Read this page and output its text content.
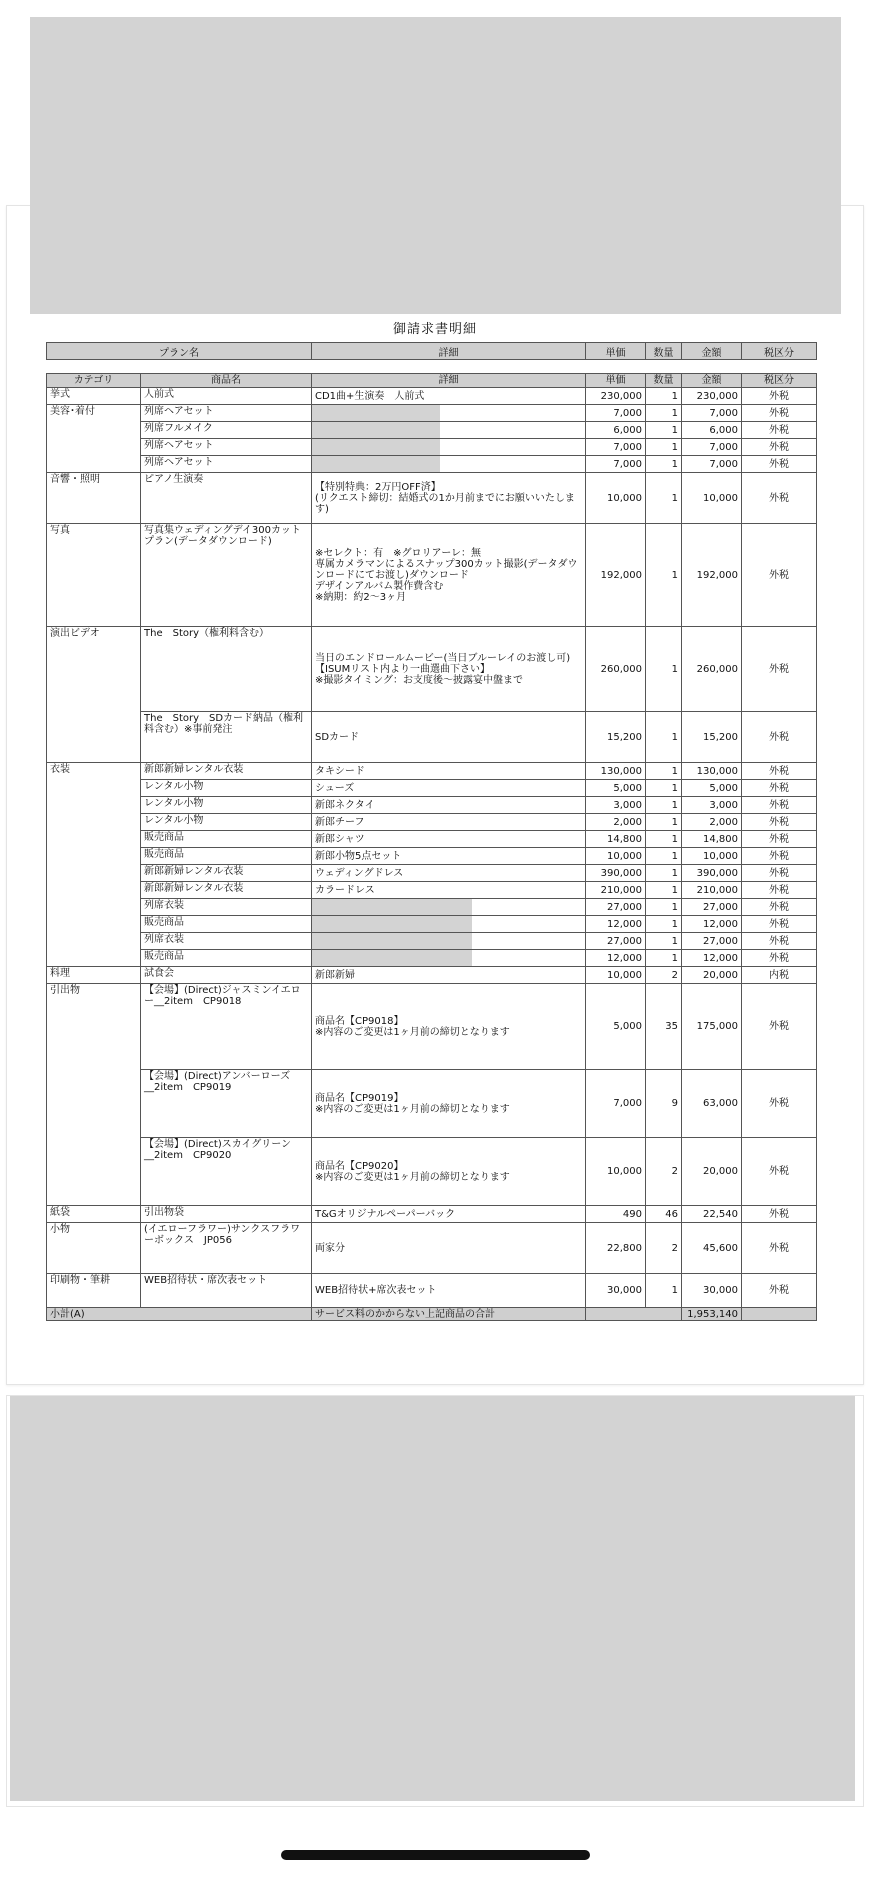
御請求書明細
プラン名	詳細	単価	数量	金額	税区分
カテゴリ	商品名	詳細	単価	数量	金額	税区分
挙式	人前式	CD1曲+生演奏　人前式	230,000	1	230,000	外税
美容･着付	列席ヘアセット		7,000	1	7,000	外税
	列席フルメイク		6,000	1	6,000	外税
	列席ヘアセット		7,000	1	7,000	外税
	列席ヘアセット		7,000	1	7,000	外税
音響・照明	ピアノ生演奏	【特別特典：2万円OFF済】
(リクエスト締切：結婚式の1か月前までにお願いいたします)	10,000	1	10,000	外税
写真	写真集ウェディングデイ300カットプラン(データダウンロード)	※セレクト：有　※グロリアーレ：無
専属カメラマンによるスナップ300カット撮影(データダウンロードにてお渡し)ダウンロード
デザインアルバム製作費含む
※納期：約2～3ヶ月	192,000	1	192,000	外税
演出ビデオ	The　Story（権利料含む）	当日のエンドロールムービー(当日ブルーレイのお渡し可)
【ISUMリスト内より一曲選曲下さい】
※撮影タイミング：お支度後～披露宴中盤まで	260,000	1	260,000	外税
	The　Story　SDカード納品（権利料含む）※事前発注	SDカード	15,200	1	15,200	外税
衣装	新郎新婦レンタル衣装	タキシード	130,000	1	130,000	外税
	レンタル小物	シューズ	5,000	1	5,000	外税
	レンタル小物	新郎ネクタイ	3,000	1	3,000	外税
	レンタル小物	新郎チーフ	2,000	1	2,000	外税
	販売商品	新郎シャツ	14,800	1	14,800	外税
	販売商品	新郎小物5点セット	10,000	1	10,000	外税
	新郎新婦レンタル衣装	ウェディングドレス	390,000	1	390,000	外税
	新郎新婦レンタル衣装	カラードレス	210,000	1	210,000	外税
	列席衣装		27,000	1	27,000	外税
	販売商品		12,000	1	12,000	外税
	列席衣装		27,000	1	27,000	外税
	販売商品		12,000	1	12,000	外税
料理	試食会	新郎新婦	10,000	2	20,000	内税
引出物	【会場】(Direct)ジャスミンイエロー__2item　CP9018	商品名【CP9018】
※内容のご変更は1ヶ月前の締切となります	5,000	35	175,000	外税
	【会場】(Direct)アンバーローズ__2item　CP9019	商品名【CP9019】
※内容のご変更は1ヶ月前の締切となります	7,000	9	63,000	外税
	【会場】(Direct)スカイグリーン__2item　CP9020	商品名【CP9020】
※内容のご変更は1ヶ月前の締切となります	10,000	2	20,000	外税
紙袋	引出物袋	T&Gオリジナルペーパーバック	490	46	22,540	外税
小物	(イエローフラワー)サンクスフラワーボックス　JP056	両家分	22,800	2	45,600	外税
印刷物・筆耕	WEB招待状・席次表セット	WEB招待状+席次表セット	30,000	1	30,000	外税
小計(A)		サービス料のかからない上記商品の合計			1,953,140	
